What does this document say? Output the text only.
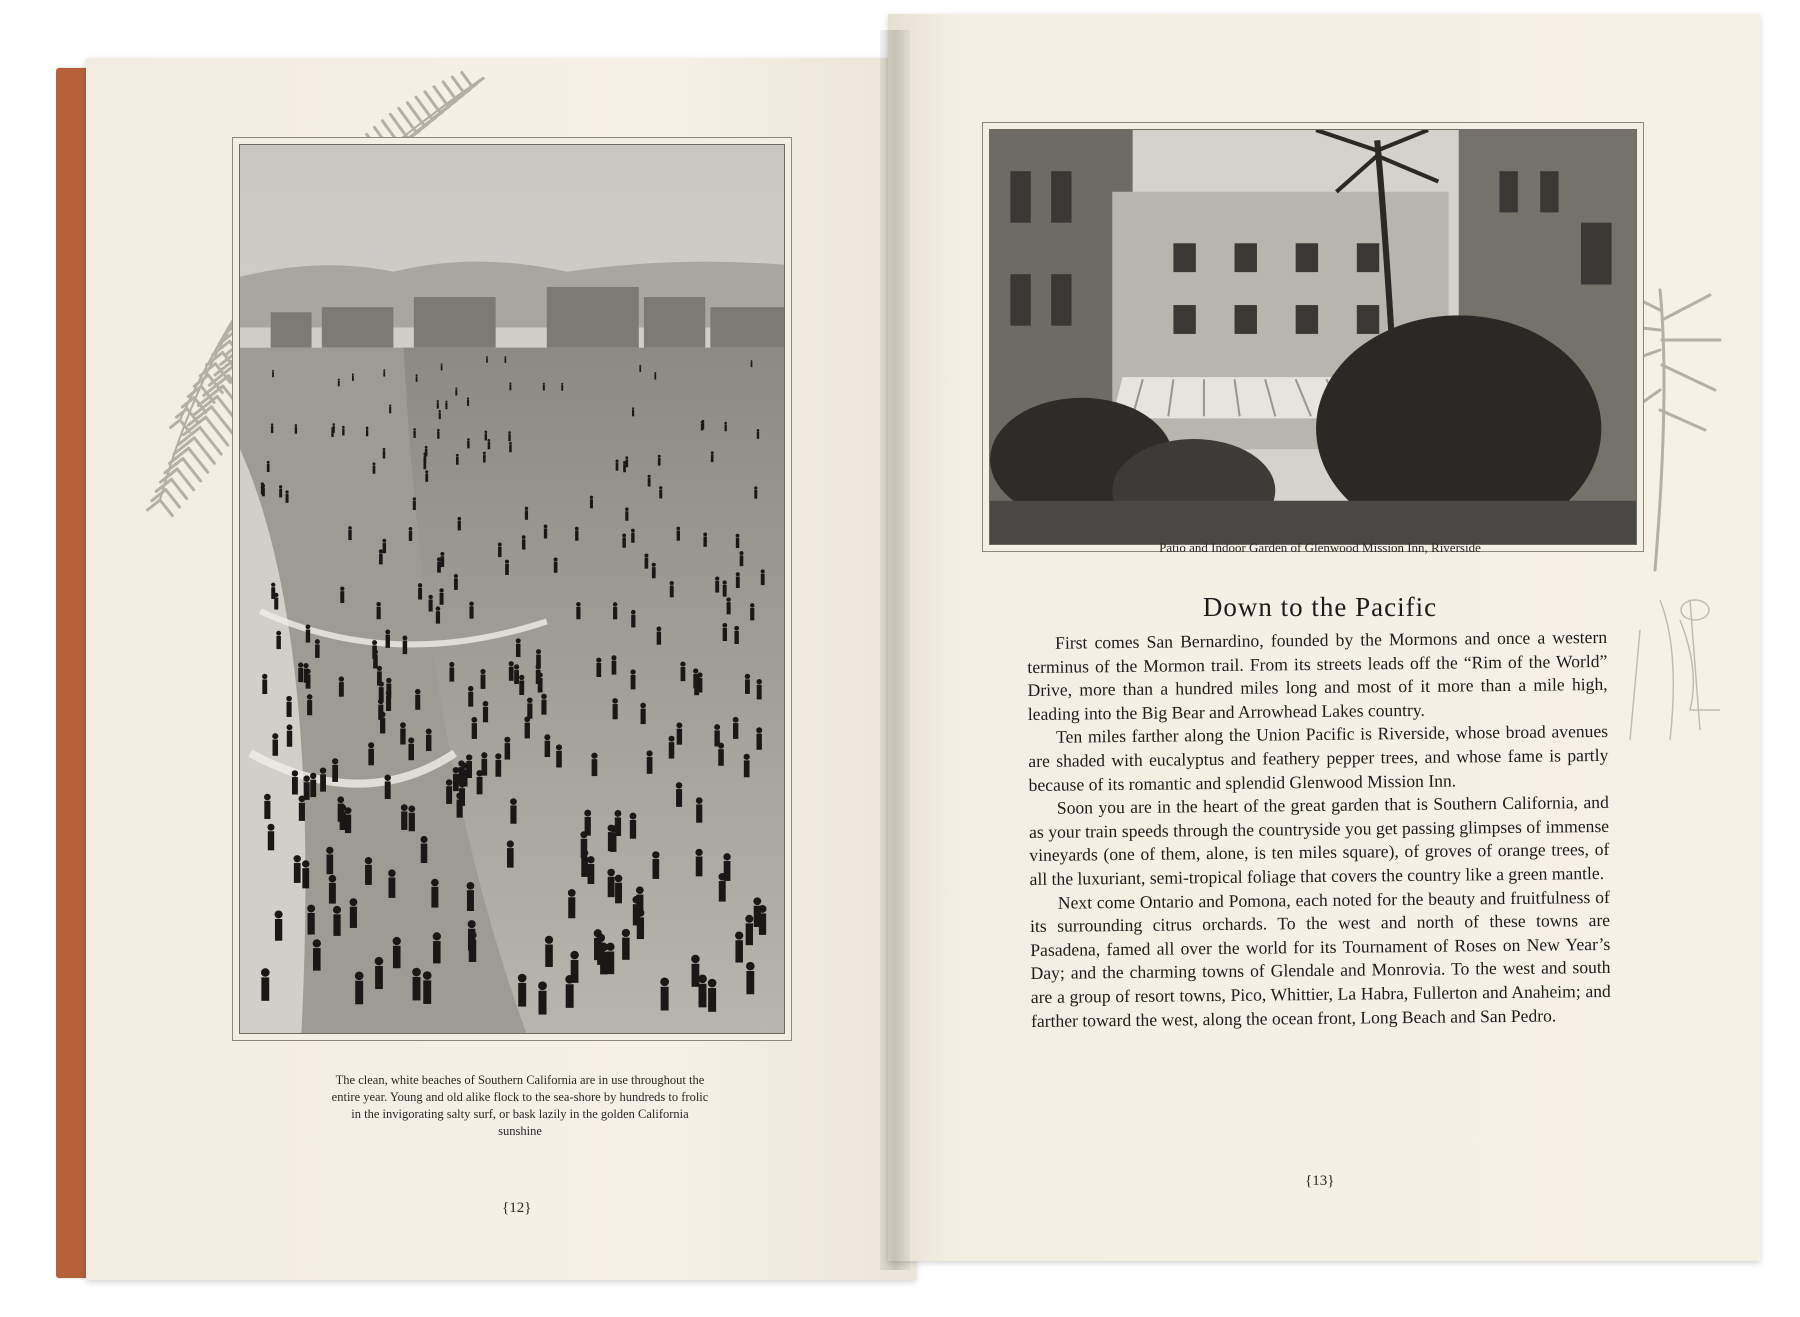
The clean, white beaches of Southern California are in use throughout the entire year. Young and old alike flock to the sea-shore by hundreds to frolic in the invigorating salty surf, or bask lazily in the golden California sunshine
{12}
Patio and Indoor Garden of Glenwood Mission Inn, Riverside
Down to the Pacific

First comes San Bernardino, founded by the Mormons and once a western terminus of the Mormon trail. From its streets leads off the “Rim of the World” Drive, more than a hundred miles long and most of it more than a mile high, leading into the Big Bear and Arrowhead Lakes country.

Ten miles farther along the Union Pacific is Riverside, whose broad avenues are shaded with eucalyptus and feathery pepper trees, and whose fame is partly because of its romantic and splendid Glenwood Mission Inn.

Soon you are in the heart of the great garden that is Southern California, and as your train speeds through the countryside you get passing glimpses of immense vineyards (one of them, alone, is ten miles square), of groves of orange trees, of all the luxuriant, semi-tropical foliage that covers the country like a green mantle.

Next come Ontario and Pomona, each noted for the beauty and fruitfulness of its surrounding citrus orchards. To the west and north of these towns are Pasadena, famed all over the world for its Tournament of Roses on New Year’s Day; and the charming towns of Glendale and Monrovia. To the west and south are a group of resort towns, Pico, Whittier, La Habra, Fullerton and Anaheim; and farther toward the west, along the ocean front, Long Beach and San Pedro.

{13}
